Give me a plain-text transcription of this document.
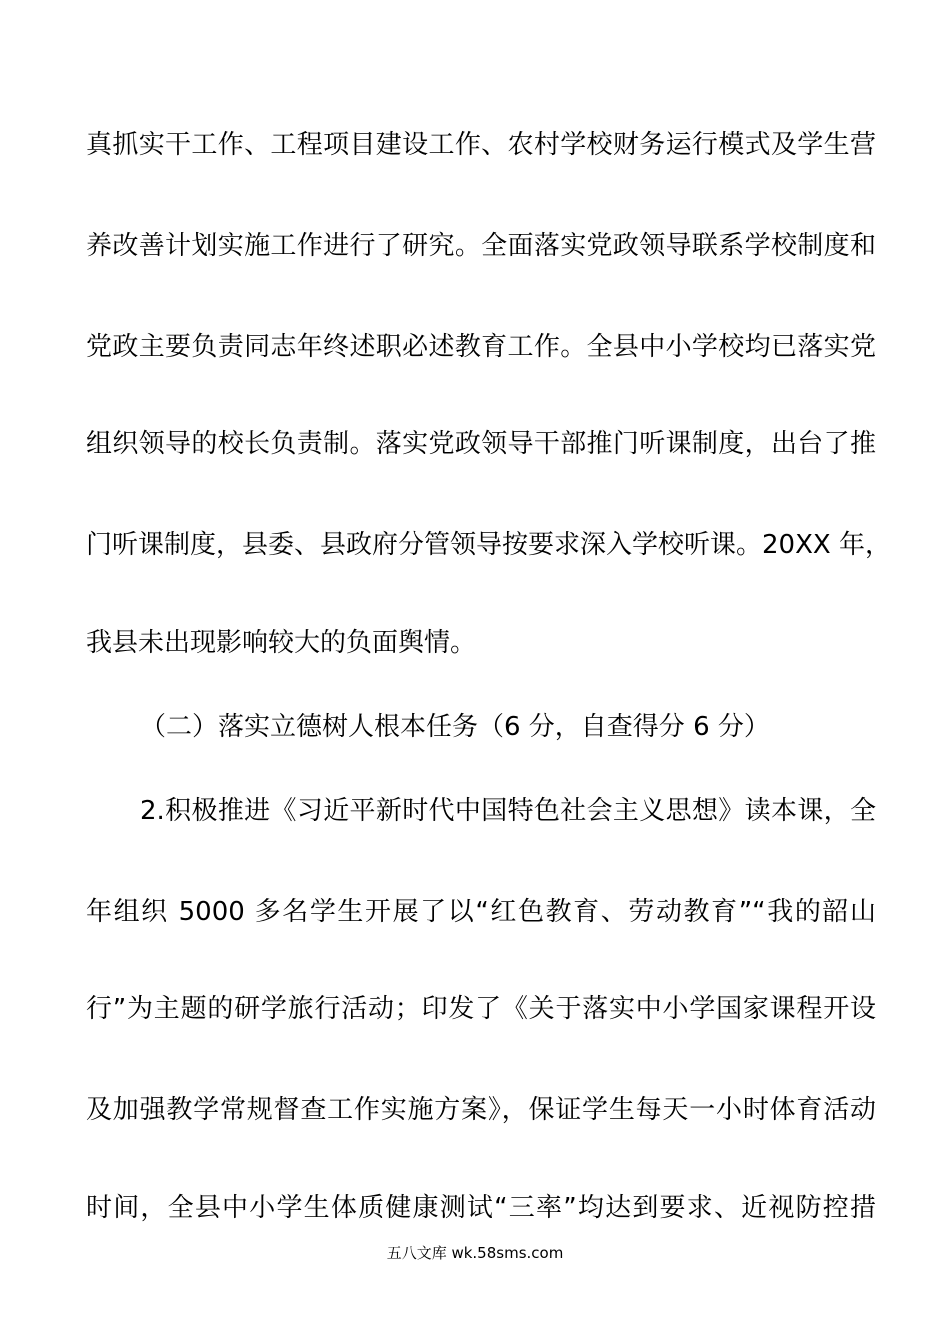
真抓实干工作、工程项目建设工作、农村学校财务运行模式及学生营
养改善计划实施工作进行了研究。全面落实党政领导联系学校制度和
党政主要负责同志年终述职必述教育工作。全县中小学校均已落实党
组织领导的校长负责制。落实党政领导干部推门听课制度，出台了推
门听课制度，县委、县政府分管领导按要求深入学校听课。20XX 年，
我县未出现影响较大的负面舆情。
（二）落实立德树人根本任务（6 分，自查得分 6 分）
2.积极推进《习近平新时代中国特色社会主义思想》读本课，全
年组织 5000 多名学生开展了以“红色教育、劳动教育”“我的韶山
行”为主题的研学旅行活动；印发了《关于落实中小学国家课程开设
及加强教学常规督查工作实施方案》，保证学生每天一小时体育活动
时间，全县中小学生体质健康测试“三率”均达到要求、近视防控措
五八文库 wk.58sms.com
